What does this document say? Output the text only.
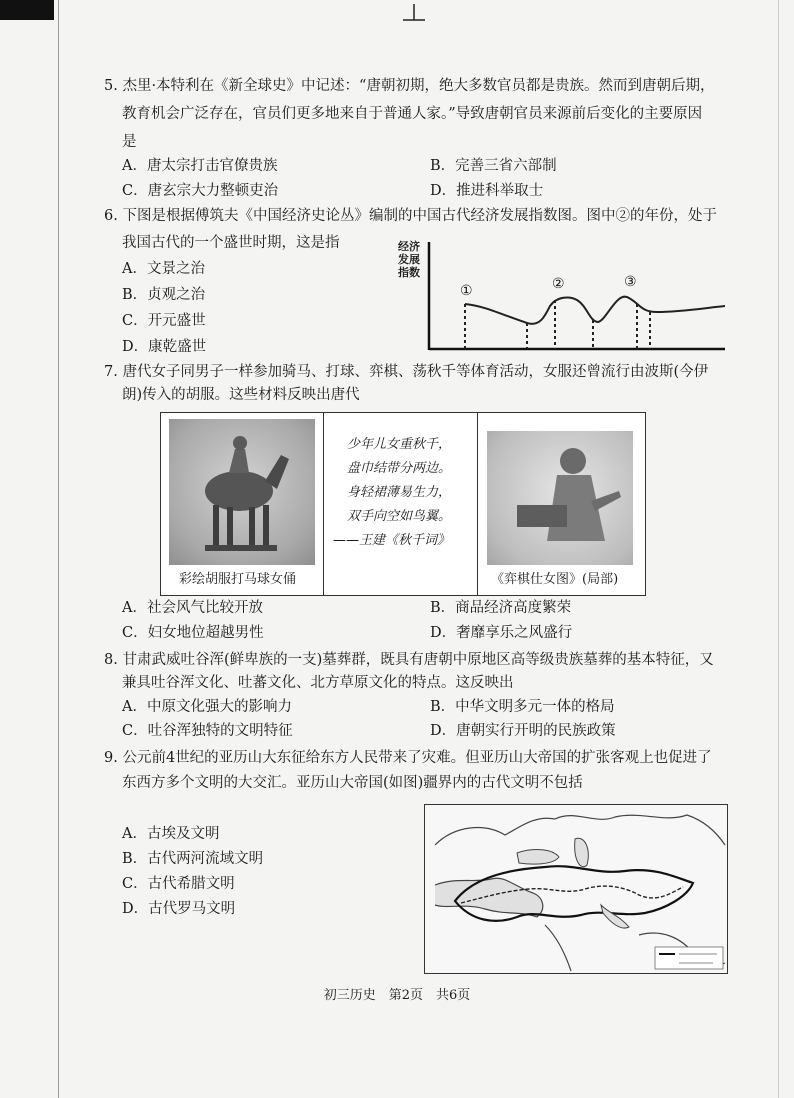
5. 杰里·本特利在《新全球史》中记述：“唐朝初期，绝大多数官员都是贵族。然而到唐朝后期，
教育机会广泛存在，官员们更多地来自于普通人家。”导致唐朝官员来源前后变化的主要原因
是
A．唐太宗打击官僚贵族	B．完善三省六部制
C．唐玄宗大力整顿吏治	D．推进科举取士
6. 下图是根据傅筑夫《中国经济史论丛》编制的中国古代经济发展指数图。图中②的年份，处于
我国古代的一个盛世时期，这是指
A．文景之治
B．贞观之治
C．开元盛世
D．康乾盛世
经济
发展
指数
①	②	③
7. 唐代女子同男子一样参加骑马、打球、弈棋、荡秋千等体育活动，女服还曾流行由波斯(今伊
朗)传入的胡服。这些材料反映出唐代
彩绘胡服打马球女俑
少年儿女重秋千，
盘巾结带分两边。
身轻裙薄易生力，
双手向空如鸟翼。
——王建《秋千词》
《弈棋仕女图》(局部)
A．社会风气比较开放	B．商品经济高度繁荣
C．妇女地位超越男性	D．奢靡享乐之风盛行
8. 甘肃武威吐谷浑(鲜卑族的一支)墓葬群，既具有唐朝中原地区高等级贵族墓葬的基本特征，又
兼具吐谷浑文化、吐蕃文化、北方草原文化的特点。这反映出
A．中原文化强大的影响力	B．中华文明多元一体的格局
C．吐谷浑独特的文明特征	D．唐朝实行开明的民族政策
9. 公元前4世纪的亚历山大东征给东方人民带来了灾难。但亚历山大帝国的扩张客观上也促进了
东西方多个文明的大交汇。亚历山大帝国(如图)疆界内的古代文明不包括
A．古埃及文明
B．古代两河流域文明
C．古代希腊文明
D．古代罗马文明
初三历史　第2页　共6页
